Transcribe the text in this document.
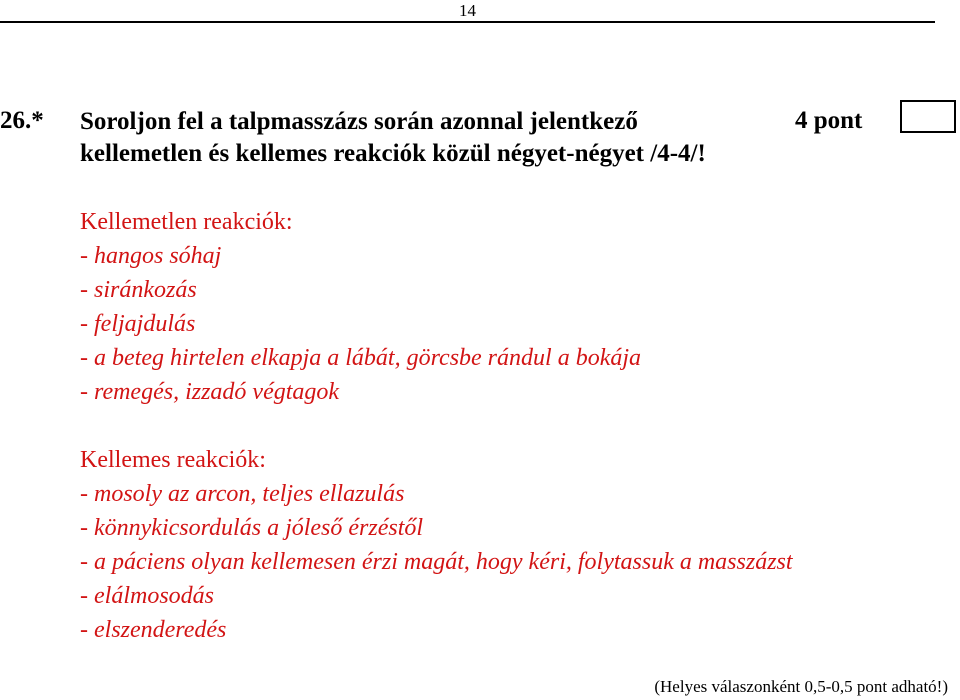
14
26.* Soroljon fel a talpmasszázs során azonnal jelentkező
kellemetlen és kellemes reakciók közül négyet-négyet /4-4/!
4 pont
Kellemetlen reakciók:
- hangos sóhaj
- siránkozás
- feljajdulás
- a beteg hirtelen elkapja a lábát, görcsbe rándul a bokája
- remegés, izzadó végtagok
Kellemes reakciók:
- mosoly az arcon, teljes ellazulás
- könnykicsordulás a jóleső érzéstől
- a páciens olyan kellemesen érzi magát, hogy kéri, folytassuk a masszázst
- elálmosodás
- elszenderedés
(Helyes válaszonként 0,5-0,5 pont adható!)
